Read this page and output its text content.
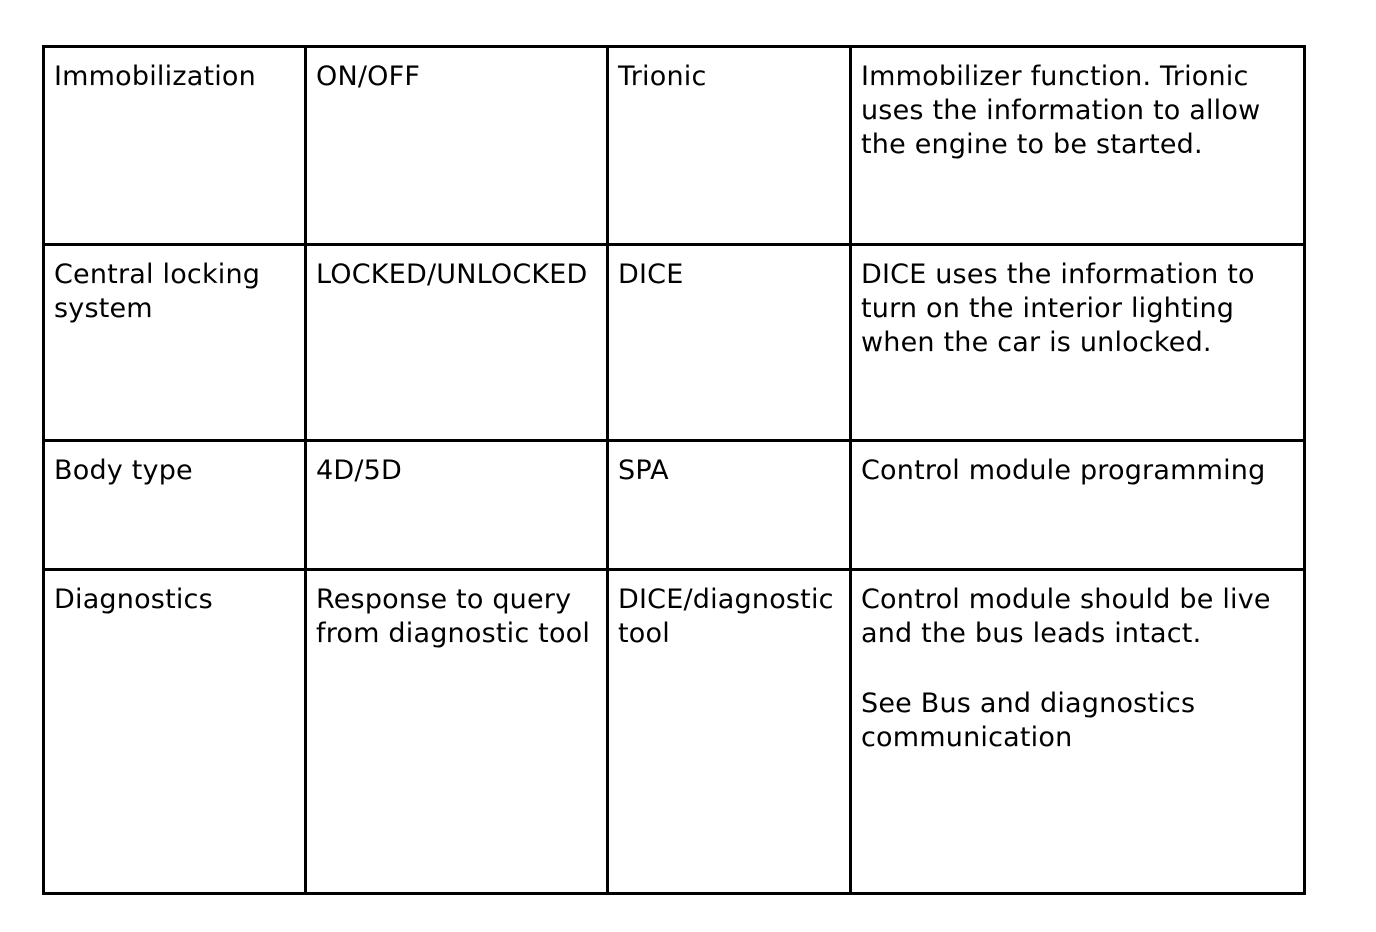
Immobilization	ON/OFF	Trionic	Immobilizer function. Trionic uses the information to allow the engine to be started.

Central locking system	LOCKED/UNLOCKED	DICE	DICE uses the information to turn on the interior lighting when the car is unlocked.

Body type	4D/5D	SPA	Control module programming

Diagnostics	Response to query from diagnostic tool	DICE/diagnostic tool	Control module should be live and the bus leads intact.
See Bus and diagnostics communication
